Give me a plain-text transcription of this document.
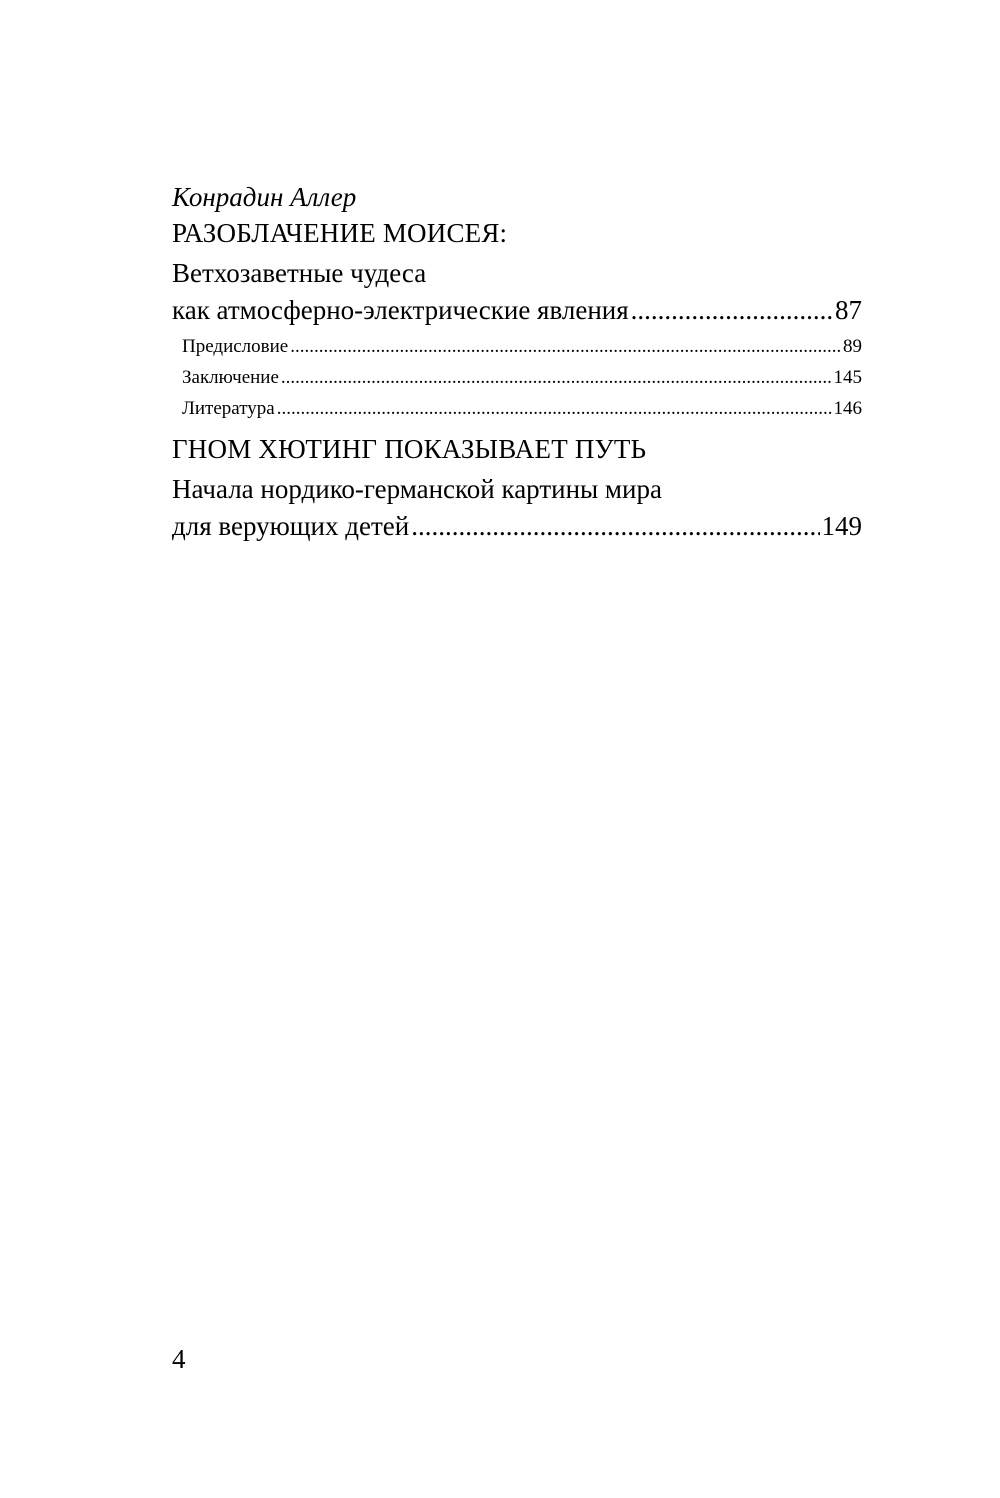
Конрадин Аллер
РАЗОБЛАЧЕНИЕ МОИСЕЯ:
Ветхозаветные чудеса
как атмосферно-электрические явления .....	87
Предисловие .....	89
Заключение .....	145
Литература .....	146
ГНОМ ХЮТИНГ ПОКАЗЫВАЕТ ПУТЬ
Начала нордико-германской картины мира
для верующих детей .....	149
4
